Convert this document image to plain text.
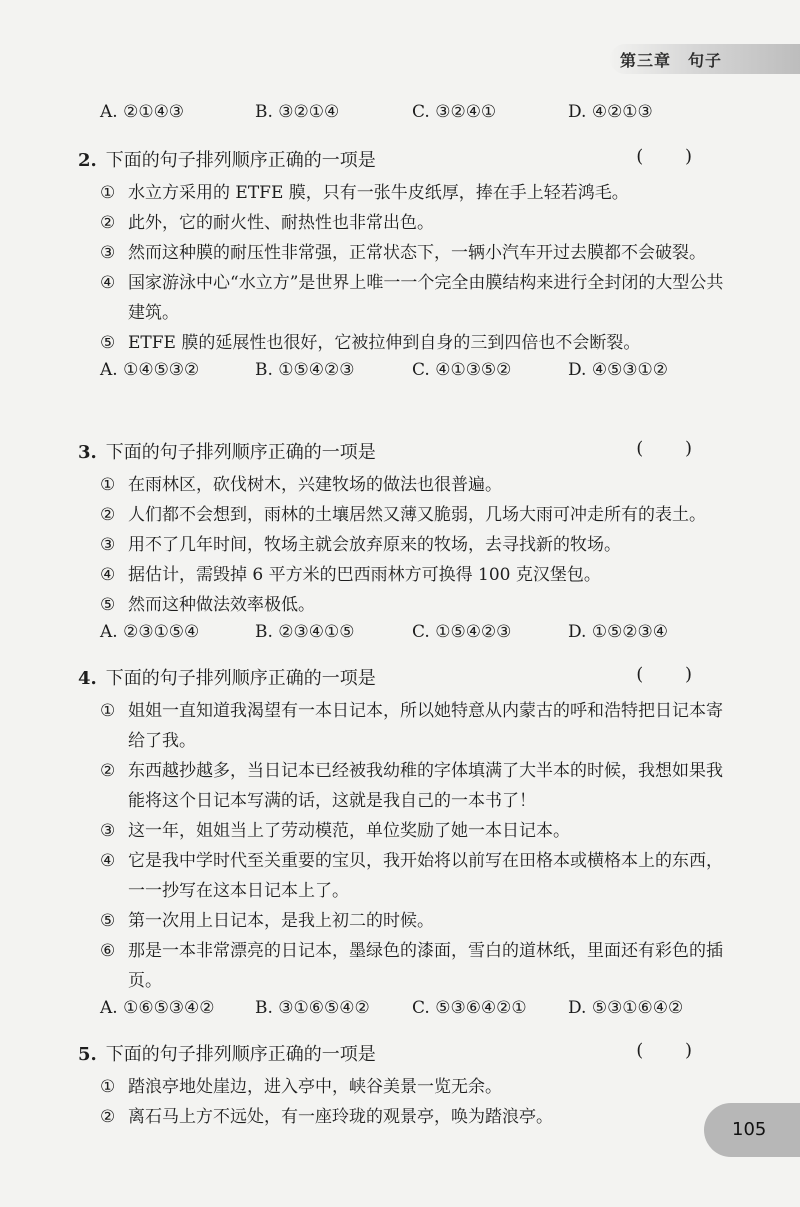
第三章　句子
A. ②①④③	B. ③②①④	C. ③②④①	D. ④②①③
2. 下面的句子排列顺序正确的一项是	( )
① 水立方采用的 ETFE 膜，只有一张牛皮纸厚，捧在手上轻若鸿毛。
② 此外，它的耐火性、耐热性也非常出色。
③ 然而这种膜的耐压性非常强，正常状态下，一辆小汽车开过去膜都不会破裂。
④ 国家游泳中心“水立方”是世界上唯一一个完全由膜结构来进行全封闭的大型公共建筑。
⑤ ETFE 膜的延展性也很好，它被拉伸到自身的三到四倍也不会断裂。
A. ①④⑤③②	B. ①⑤④②③	C. ④①③⑤②	D. ④⑤③①②
3. 下面的句子排列顺序正确的一项是	( )
① 在雨林区，砍伐树木，兴建牧场的做法也很普遍。
② 人们都不会想到，雨林的土壤居然又薄又脆弱，几场大雨可冲走所有的表土。
③ 用不了几年时间，牧场主就会放弃原来的牧场，去寻找新的牧场。
④ 据估计，需毁掉 6 平方米的巴西雨林方可换得 100 克汉堡包。
⑤ 然而这种做法效率极低。
A. ②③①⑤④	B. ②③④①⑤	C. ①⑤④②③	D. ①⑤②③④
4. 下面的句子排列顺序正确的一项是	( )
① 姐姐一直知道我渴望有一本日记本，所以她特意从内蒙古的呼和浩特把日记本寄给了我。
② 东西越抄越多，当日记本已经被我幼稚的字体填满了大半本的时候，我想如果我能将这个日记本写满的话，这就是我自己的一本书了！
③ 这一年，姐姐当上了劳动模范，单位奖励了她一本日记本。
④ 它是我中学时代至关重要的宝贝，我开始将以前写在田格本或横格本上的东西，一一抄写在这本日记本上了。
⑤ 第一次用上日记本，是我上初二的时候。
⑥ 那是一本非常漂亮的日记本，墨绿色的漆面，雪白的道林纸，里面还有彩色的插页。
A. ①⑥⑤③④② B. ③①⑥⑤④② C. ⑤③⑥④②① D. ⑤③①⑥④②
5. 下面的句子排列顺序正确的一项是	( )
① 踏浪亭地处崖边，进入亭中，峡谷美景一览无余。
② 离石马上方不远处，有一座玲珑的观景亭，唤为踏浪亭。
105
